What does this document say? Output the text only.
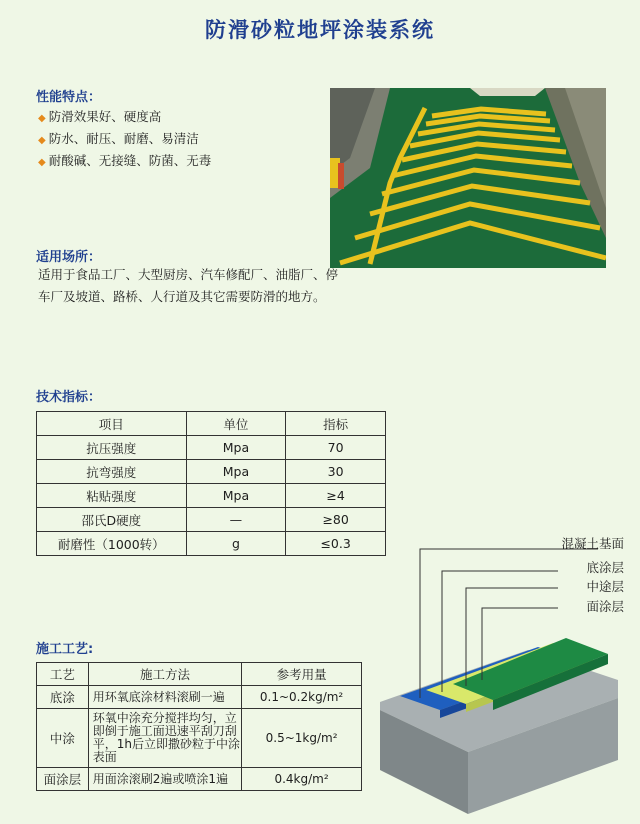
防滑砂粒地坪涂装系统
性能特点：
◆ 防滑效果好、硬度高
◆ 防水、耐压、耐磨、易清洁
◆ 耐酸碱、无接缝、防菌、无毒
适用场所：
适用于食品工厂、大型厨房、汽车修配厂、油脂厂、停车厂及坡道、路桥、人行道及其它需要防滑的地方。
技术指标：
项目	单位	指标
抗压强度	Mpa	70
抗弯强度	Mpa	30
粘贴强度	Mpa	≥4
邵氏D硬度	—	≥80
耐磨性（1000转）	g	≤0.3
施工工艺:
工艺	施工方法	参考用量
底涂	用环氧底涂材料滚刷一遍	0.1~0.2kg/m²
中涂	环氧中涂充分搅拌均匀，立即倒于施工面迅速平刮刀刮平，1h后立即撒砂粒于中涂表面	0.5~1kg/m²
面涂层	用面涂滚刷2遍或喷涂1遍	0.4kg/m²
混凝土基面
底涂层
中途层
面涂层
